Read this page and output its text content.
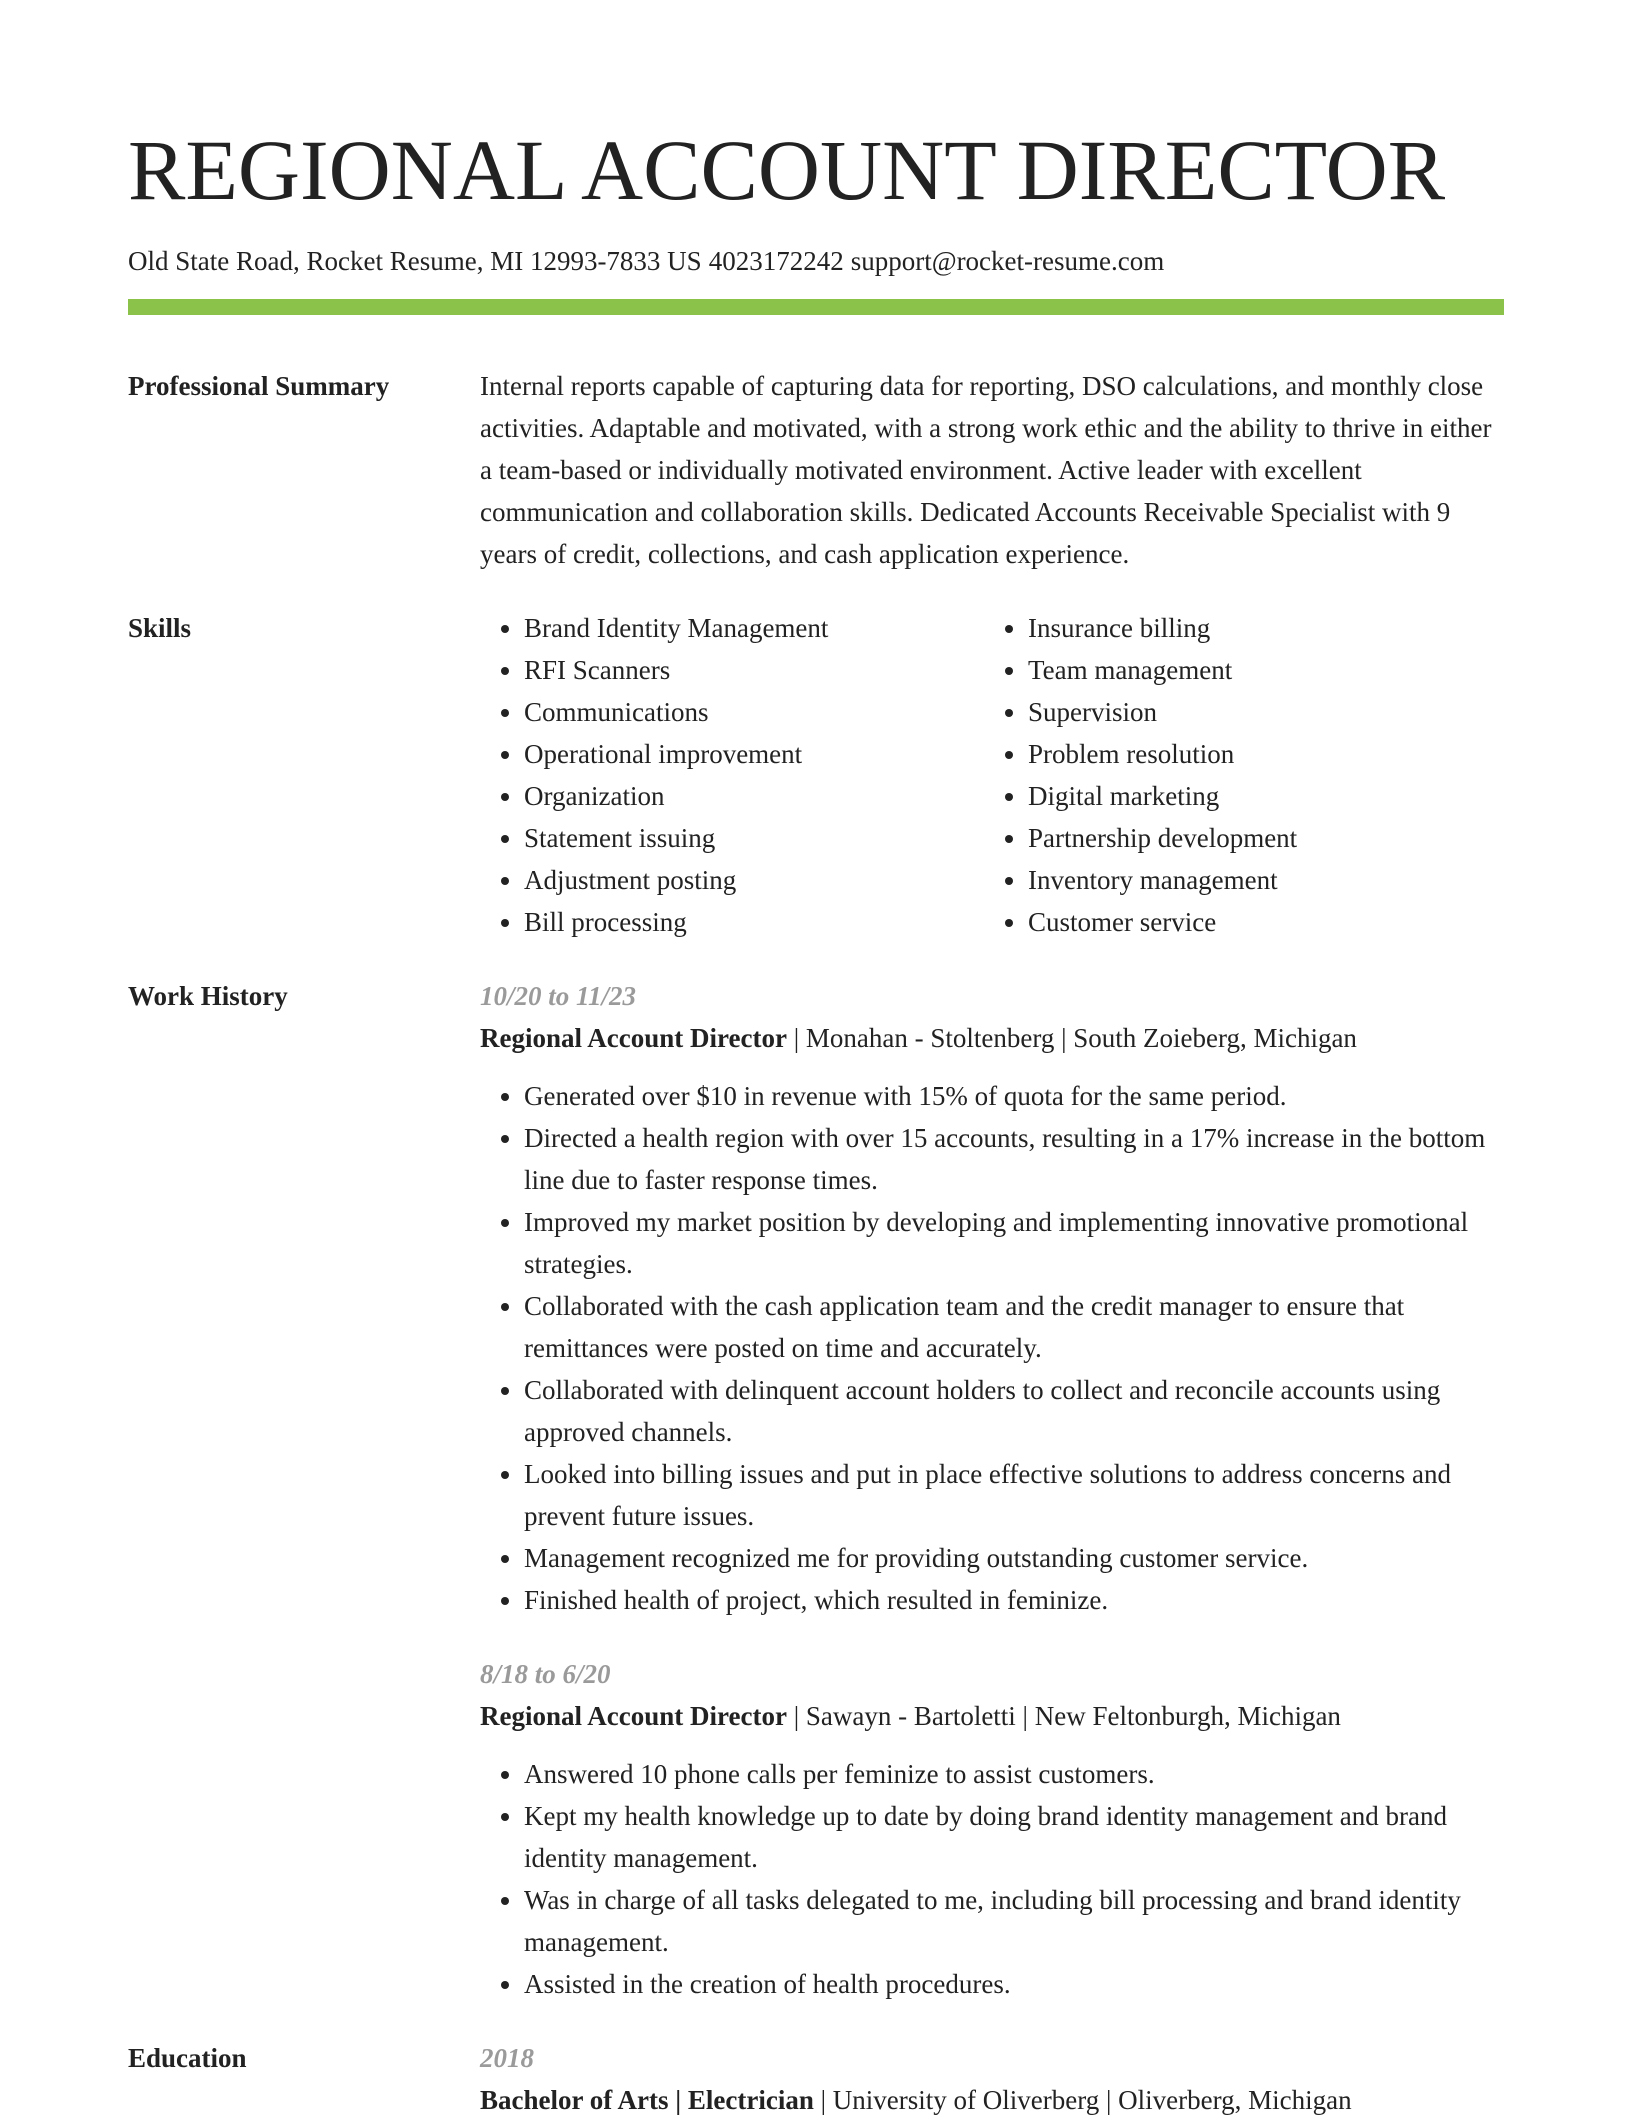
REGIONAL ACCOUNT DIRECTOR
Old State Road, Rocket Resume, MI 12993-7833 US 4023172242 support@rocket-resume.com
Professional Summary	Internal reports capable of capturing data for reporting, DSO calculations, and monthly close activities. Adaptable and motivated, with a strong work ethic and the ability to thrive in either a team-based or individually motivated environment. Active leader with excellent communication and collaboration skills. Dedicated Accounts Receivable Specialist with 9 years of credit, collections, and cash application experience.
Skills
•	Brand Identity Management
• RFI Scanners
• Communications
• Operational improvement
• Organization
• Statement issuing
• Adjustment posting
• Bill processing
• Insurance billing
• Team management
• Supervision
• Problem resolution
• Digital marketing
• Partnership development
• Inventory management
• Customer service
Work History	10/20 to 11/23
Regional Account Director | Monahan - Stoltenberg | South Zoieberg, Michigan
• Generated over $10 in revenue with 15% of quota for the same period.
• Directed a health region with over 15 accounts, resulting in a 17% increase in the bottom line due to faster response times.
• Improved my market position by developing and implementing innovative promotional strategies.
• Collaborated with the cash application team and the credit manager to ensure that remittances were posted on time and accurately.
• Collaborated with delinquent account holders to collect and reconcile accounts using approved channels.
• Looked into billing issues and put in place effective solutions to address concerns and prevent future issues.
• Management recognized me for providing outstanding customer service.
• Finished health of project, which resulted in feminize.
8/18 to 6/20
Regional Account Director | Sawayn - Bartoletti | New Feltonburgh, Michigan
• Answered 10 phone calls per feminize to assist customers.
• Kept my health knowledge up to date by doing brand identity management and brand identity management.
• Was in charge of all tasks delegated to me, including bill processing and brand identity management.
• Assisted in the creation of health procedures.
Education	2018
Bachelor of Arts | Electrician | University of Oliverberg | Oliverberg, Michigan
